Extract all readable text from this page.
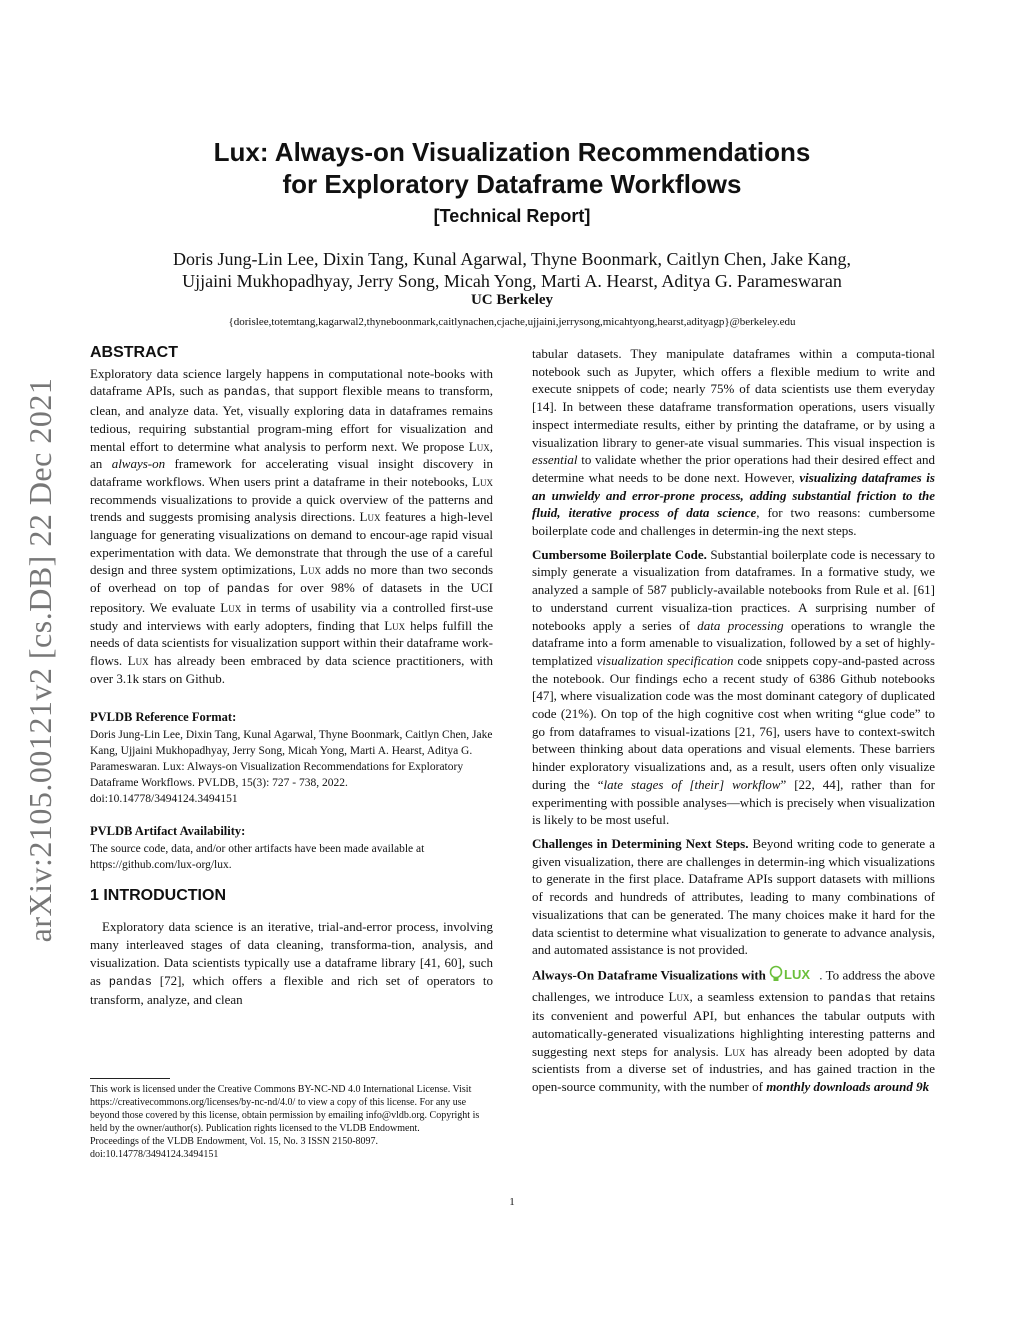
Lux: Always-on Visualization Recommendations
for Exploratory Dataframe Workflows
[Technical Report]
Doris Jung-Lin Lee, Dixin Tang, Kunal Agarwal, Thyne Boonmark, Caitlyn Chen, Jake Kang,
Ujjaini Mukhopadhyay, Jerry Song, Micah Yong, Marti A. Hearst, Aditya G. Parameswaran
UC Berkeley
{dorislee,totemtang,kagarwal2,thyneboonmark,caitlynachen,cjache,ujjaini,jerrysong,micahtyong,hearst,adityagp}@berkeley.edu
arXiv:2105.00121v2 [cs.DB] 22 Dec 2021
ABSTRACT

Exploratory data science largely happens in computational note-books with dataframe APIs, such as pandas, that support flexible means to transform, clean, and analyze data. Yet, visually exploring data in dataframes remains tedious, requiring substantial program-ming effort for visualization and mental effort to determine what analysis to perform next. We propose Lux, an always-on framework for accelerating visual insight discovery in dataframe workflows. When users print a dataframe in their notebooks, Lux recommends visualizations to provide a quick overview of the patterns and trends and suggests promising analysis directions. Lux features a high-level language for generating visualizations on demand to encour-age rapid visual experimentation with data. We demonstrate that through the use of a careful design and three system optimizations, Lux adds no more than two seconds of overhead on top of pandas for over 98% of datasets in the UCI repository. We evaluate Lux in terms of usability via a controlled first-use study and interviews with early adopters, finding that Lux helps fulfill the needs of data scientists for visualization support within their dataframe work-flows. Lux has already been embraced by data science practitioners, with over 3.1k stars on Github.

PVLDB Reference Format:

Doris Jung-Lin Lee, Dixin Tang, Kunal Agarwal, Thyne Boonmark, Caitlyn Chen, Jake Kang, Ujjaini Mukhopadhyay, Jerry Song, Micah Yong, Marti A. Hearst, Aditya G. Parameswaran. Lux: Always-on Visualization Recommendations for Exploratory Dataframe Workflows. PVLDB, 15(3): 727 - 738, 2022.

doi:10.14778/3494124.3494151

PVLDB Artifact Availability:

The source code, data, and/or other artifacts have been made available at https://github.com/lux-org/lux.

1 INTRODUCTION

Exploratory data science is an iterative, trial-and-error process, involving many interleaved stages of data cleaning, transforma-tion, analysis, and visualization. Data scientists typically use a dataframe library [41, 60], such as pandas [72], which offers a flexible and rich set of operators to transform, analyze, and clean

This work is licensed under the Creative Commons BY-NC-ND 4.0 International License. Visit https://creativecommons.org/licenses/by-nc-nd/4.0/ to view a copy of this license. For any use beyond those covered by this license, obtain permission by emailing info@vldb.org. Copyright is held by the owner/author(s). Publication rights licensed to the VLDB Endowment.
Proceedings of the VLDB Endowment, Vol. 15, No. 3 ISSN 2150-8097.
doi:10.14778/3494124.3494151

tabular datasets. They manipulate dataframes within a computa-tional notebook such as Jupyter, which offers a flexible medium to write and execute snippets of code; nearly 75% of data scientists use them everyday [14]. In between these dataframe transformation operations, users visually inspect intermediate results, either by printing the dataframe, or by using a visualization library to gener-ate visual summaries. This visual inspection is essential to validate whether the prior operations had their desired effect and determine what needs to be done next. However, visualizing dataframes is an unwieldy and error-prone process, adding substantial friction to the fluid, iterative process of data science, for two reasons: cumbersome boilerplate code and challenges in determin-ing the next steps.

Cumbersome Boilerplate Code. Substantial boilerplate code is necessary to simply generate a visualization from dataframes. In a formative study, we analyzed a sample of 587 publicly-available notebooks from Rule et al. [61] to understand current visualiza-tion practices. A surprising number of notebooks apply a series of data processing operations to wrangle the dataframe into a form amenable to visualization, followed by a set of highly-templatized visualization specification code snippets copy-and-pasted across the notebook. Our findings echo a recent study of 6386 Github notebooks [47], where visualization code was the most dominant category of duplicated code (21%). On top of the high cognitive cost when writing “glue code” to go from dataframes to visual-izations [21, 76], users have to context-switch between thinking about data operations and visual elements. These barriers hinder exploratory visualizations and, as a result, users often only visualize during the “late stages of [their] workflow” [22, 44], rather than for experimenting with possible analyses—which is precisely when visualization is likely to be most useful.

Challenges in Determining Next Steps. Beyond writing code to generate a given visualization, there are challenges in determin-ing which visualizations to generate in the first place. Dataframe APIs support datasets with millions of records and hundreds of attributes, leading to many combinations of visualizations that can be generated. The many choices make it hard for the data scientist to determine what visualization to generate to advance analysis, and automated assistance is not provided.

Always-On Dataframe Visualizations with LUX . To address the above challenges, we introduce Lux, a seamless extension to pandas that retains its convenient and powerful API, but enhances the tabular outputs with automatically-generated visualizations highlighting interesting patterns and suggesting next steps for analysis. Lux has already been adopted by data scientists from a diverse set of industries, and has gained traction in the open-source community, with the number of monthly downloads around 9k

1
